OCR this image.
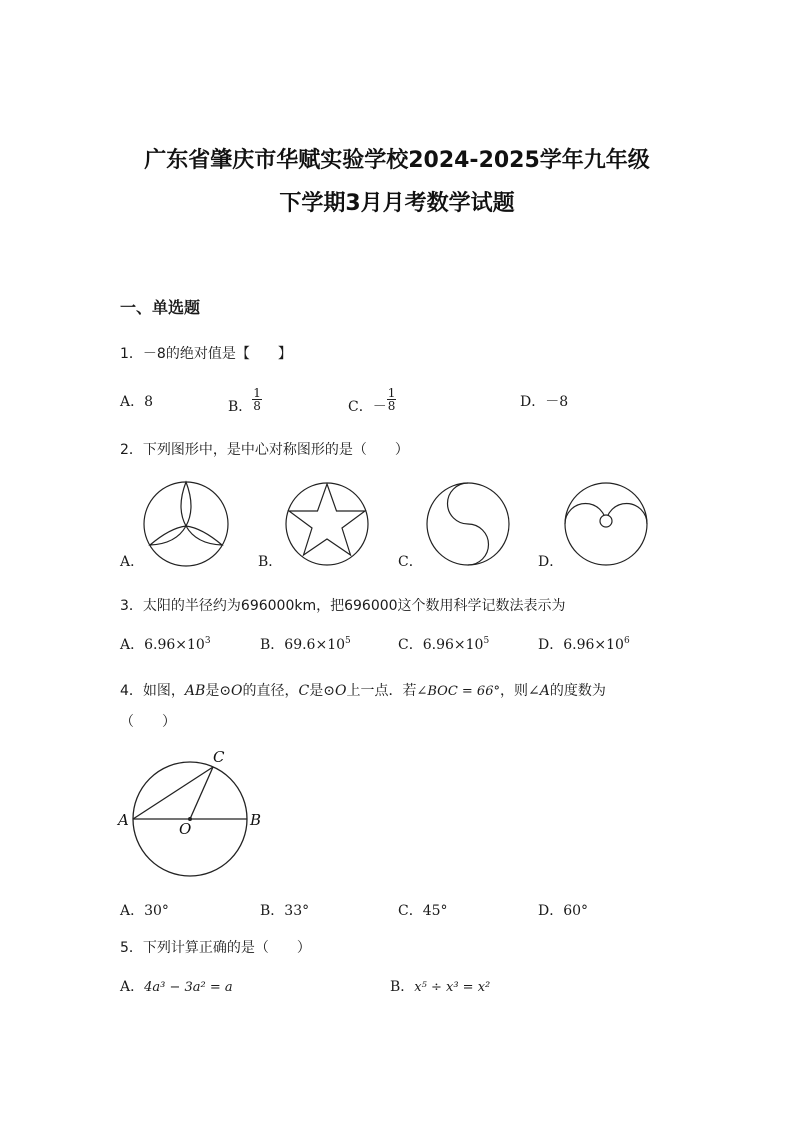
广东省肇庆市华赋实验学校2024-2025学年九年级
下学期3月月考数学试题
一、单选题
1．－8的绝对值是【　　】
A．8	B． $\frac{1}{8}$	C．－ $\frac{1}{8}$	D．－8
2．下列图形中，是中心对称图形的是（　　）
A．	B．	C．	D．
3．太阳的半径约为696000km，把696000这个数用科学记数法表示为
A．$6.96\times 10^3$	B．$69.6\times 10^5$	C．$6.96\times 10^5$	D．$6.96\times 10^6$
4．如图，AB是⊙O的直径，C是⊙O上一点．若∠BOC = 66°，则∠A的度数为
（　　）
A	B
C
O
A．30°	B．33°	C．45°	D．60°
5．下列计算正确的是（　　）
A．4a³ − 3a² = a	B．x⁵ ÷ x³ = x²
